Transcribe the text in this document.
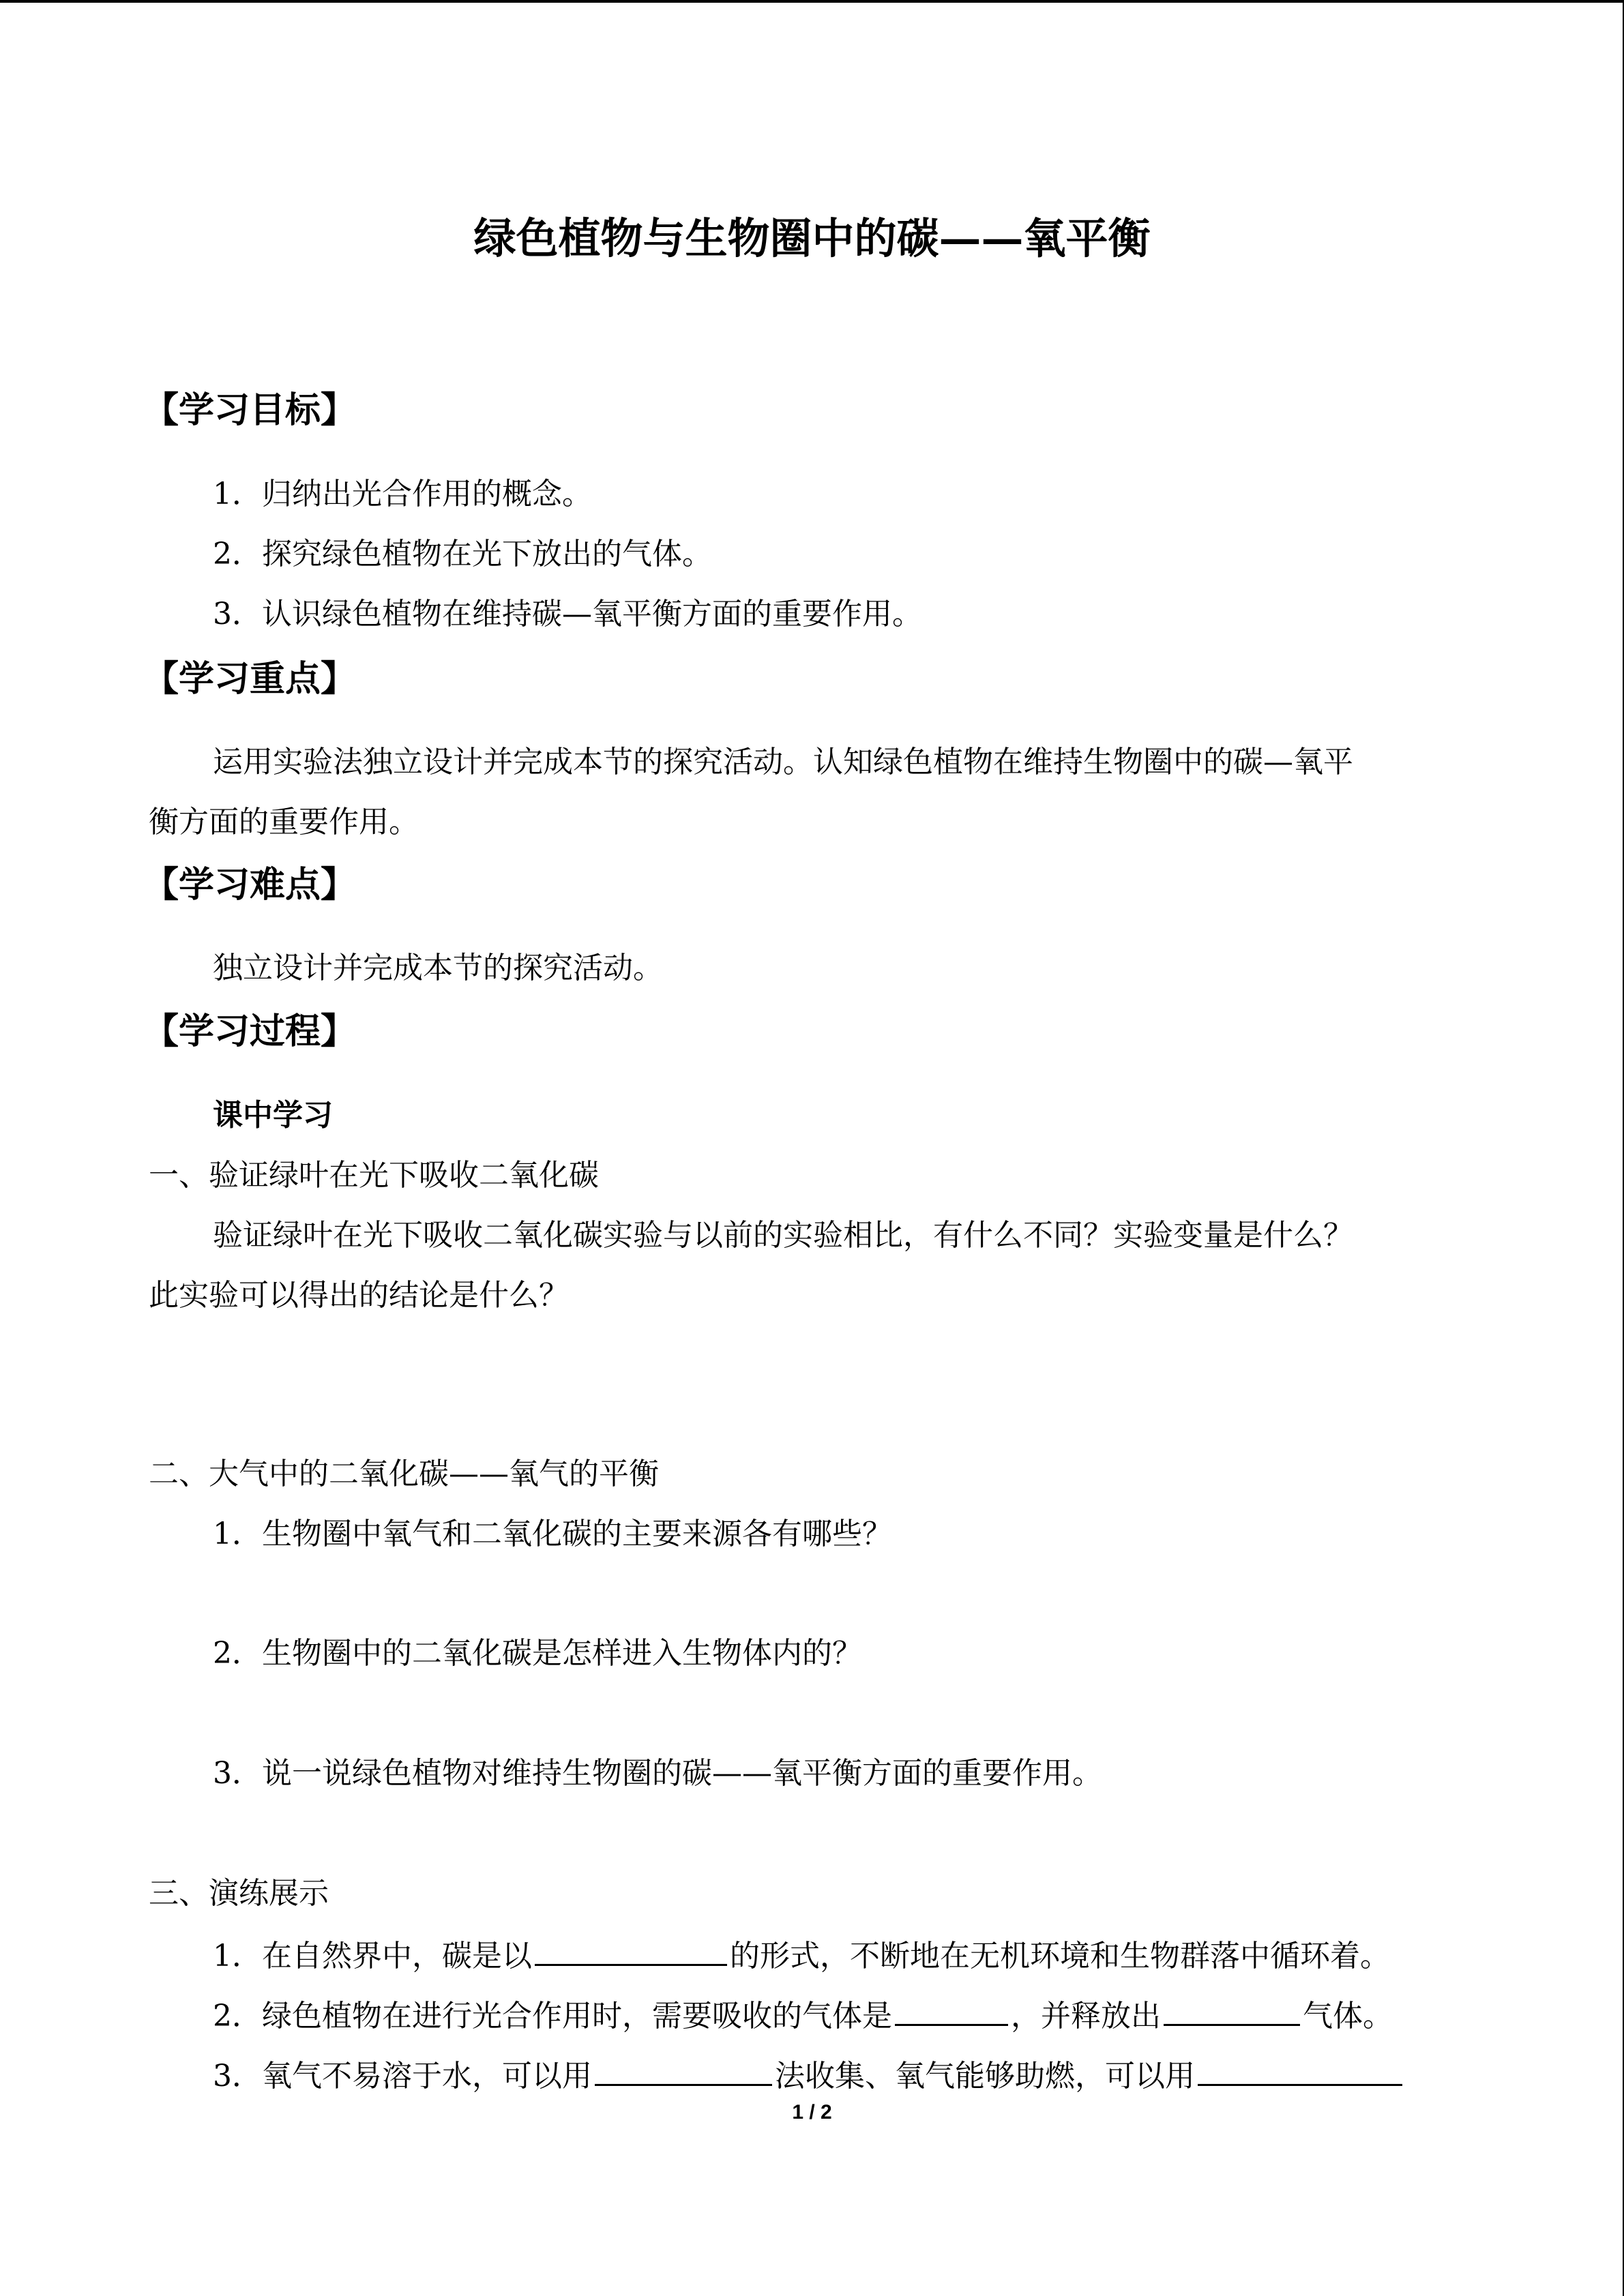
绿色植物与生物圈中的碳——氧平衡
【学习目标】
1．归纳出光合作用的概念。
2．探究绿色植物在光下放出的气体。
3．认识绿色植物在维持碳—氧平衡方面的重要作用。
【学习重点】
运用实验法独立设计并完成本节的探究活动。认知绿色植物在维持生物圈中的碳—氧平
衡方面的重要作用。
【学习难点】
独立设计并完成本节的探究活动。
【学习过程】
课中学习
一、验证绿叶在光下吸收二氧化碳
验证绿叶在光下吸收二氧化碳实验与以前的实验相比，有什么不同？实验变量是什么？
此实验可以得出的结论是什么？
二、大气中的二氧化碳——氧气的平衡
1．生物圈中氧气和二氧化碳的主要来源各有哪些？
2．生物圈中的二氧化碳是怎样进入生物体内的？
3．说一说绿色植物对维持生物圈的碳——氧平衡方面的重要作用。
三、演练展示
1．在自然界中，碳是以	的形式，不断地在无机环境和生物群落中循环着。
2．绿色植物在进行光合作用时，需要吸收的气体是	，并释放出	气体。
3．氧气不易溶于水，可以用	法收集、氧气能够助燃，可以用
1 / 2
